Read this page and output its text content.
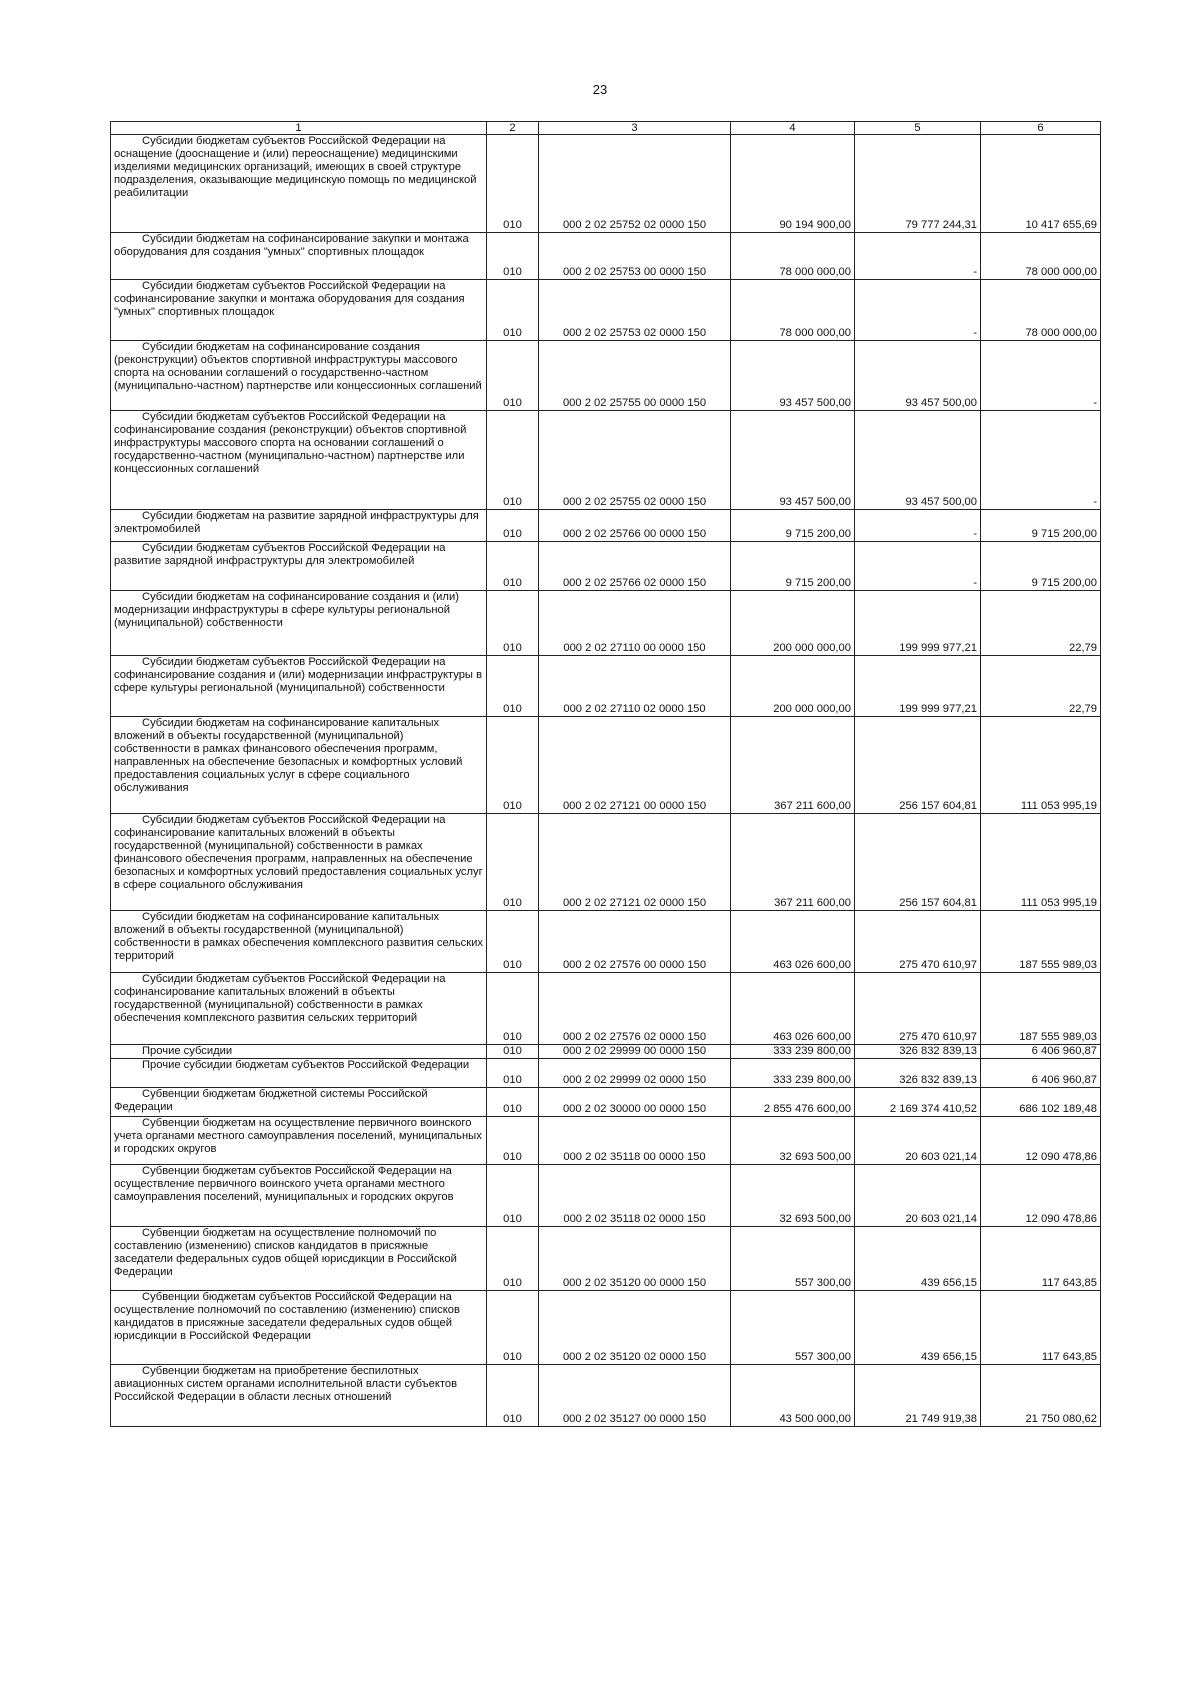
23
1	2	3	4	5	6

Субсидии бюджетам субъектов Российской Федерации на оснащение (дооснащение и (или) переоснащение) медицинскими изделиями медицинских организаций, имеющих в своей структуре подразделения, оказывающие медицинскую помощь по медицинской реабилитации	010	000 2 02 25752 02 0000 150	90 194 900,00	79 777 244,31	10 417 655,69

Субсидии бюджетам на софинансирование закупки и монтажа оборудования для создания "умных" спортивных площадок	010	000 2 02 25753 00 0000 150	78 000 000,00	-	78 000 000,00

Субсидии бюджетам субъектов Российской Федерации на софинансирование закупки и монтажа оборудования для создания "умных" спортивных площадок	010	000 2 02 25753 02 0000 150	78 000 000,00	-	78 000 000,00

Субсидии бюджетам на софинансирование создания (реконструкции) объектов спортивной инфраструктуры массового спорта на основании соглашений о государственно-частном (муниципально-частном) партнерстве или концессионных соглашений	010	000 2 02 25755 00 0000 150	93 457 500,00	93 457 500,00	-

Субсидии бюджетам субъектов Российской Федерации на софинансирование создания (реконструкции) объектов спортивной инфраструктуры массового спорта на основании соглашений о государственно-частном (муниципально-частном) партнерстве или концессионных соглашений	010	000 2 02 25755 02 0000 150	93 457 500,00	93 457 500,00	-

Субсидии бюджетам на развитие зарядной инфраструктуры для электромобилей	010	000 2 02 25766 00 0000 150	9 715 200,00	-	9 715 200,00

Субсидии бюджетам субъектов Российской Федерации на развитие зарядной инфраструктуры для электромобилей	010	000 2 02 25766 02 0000 150	9 715 200,00	-	9 715 200,00

Субсидии бюджетам на софинансирование создания и (или) модернизации инфраструктуры в сфере культуры региональной (муниципальной) собственности	010	000 2 02 27110 00 0000 150	200 000 000,00	199 999 977,21	22,79

Субсидии бюджетам субъектов Российской Федерации на софинансирование создания и (или) модернизации инфраструктуры в сфере культуры региональной (муниципальной) собственности	010	000 2 02 27110 02 0000 150	200 000 000,00	199 999 977,21	22,79

Субсидии бюджетам на софинансирование капитальных вложений в объекты государственной (муниципальной) собственности в рамках финансового обеспечения программ, направленных на обеспечение безопасных и комфортных условий предоставления социальных услуг в сфере социального обслуживания	010	000 2 02 27121 00 0000 150	367 211 600,00	256 157 604,81	111 053 995,19

Субсидии бюджетам субъектов Российской Федерации на софинансирование капитальных вложений в объекты государственной (муниципальной) собственности в рамках финансового обеспечения программ, направленных на обеспечение безопасных и комфортных условий предоставления социальных услуг в сфере социального обслуживания	010	000 2 02 27121 02 0000 150	367 211 600,00	256 157 604,81	111 053 995,19

Субсидии бюджетам на софинансирование капитальных вложений в объекты государственной (муниципальной) собственности в рамках обеспечения комплексного развития сельских территорий	010	000 2 02 27576 00 0000 150	463 026 600,00	275 470 610,97	187 555 989,03

Субсидии бюджетам субъектов Российской Федерации на софинансирование капитальных вложений в объекты государственной (муниципальной) собственности в рамках обеспечения комплексного развития сельских территорий	010	000 2 02 27576 02 0000 150	463 026 600,00	275 470 610,97	187 555 989,03

Прочие субсидии	010	000 2 02 29999 00 0000 150	333 239 800,00	326 832 839,13	6 406 960,87

Прочие субсидии бюджетам субъектов Российской Федерации	010	000 2 02 29999 02 0000 150	333 239 800,00	326 832 839,13	6 406 960,87

Субвенции бюджетам бюджетной системы Российской Федерации	010	000 2 02 30000 00 0000 150	2 855 476 600,00	2 169 374 410,52	686 102 189,48

Субвенции бюджетам на осуществление первичного воинского учета органами местного самоуправления поселений, муниципальных и городских округов	010	000 2 02 35118 00 0000 150	32 693 500,00	20 603 021,14	12 090 478,86

Субвенции бюджетам субъектов Российской Федерации на осуществление первичного воинского учета органами местного самоуправления поселений, муниципальных и городских округов	010	000 2 02 35118 02 0000 150	32 693 500,00	20 603 021,14	12 090 478,86

Субвенции бюджетам на осуществление полномочий по составлению (изменению) списков кандидатов в присяжные заседатели федеральных судов общей юрисдикции в Российской Федерации	010	000 2 02 35120 00 0000 150	557 300,00	439 656,15	117 643,85

Субвенции бюджетам субъектов Российской Федерации на осуществление полномочий по составлению (изменению) списков кандидатов в присяжные заседатели федеральных судов общей юрисдикции в Российской Федерации	010	000 2 02 35120 02 0000 150	557 300,00	439 656,15	117 643,85

Субвенции бюджетам на приобретение беспилотных авиационных систем органами исполнительной власти субъектов Российской Федерации в области лесных отношений	010	000 2 02 35127 00 0000 150	43 500 000,00	21 749 919,38	21 750 080,62
